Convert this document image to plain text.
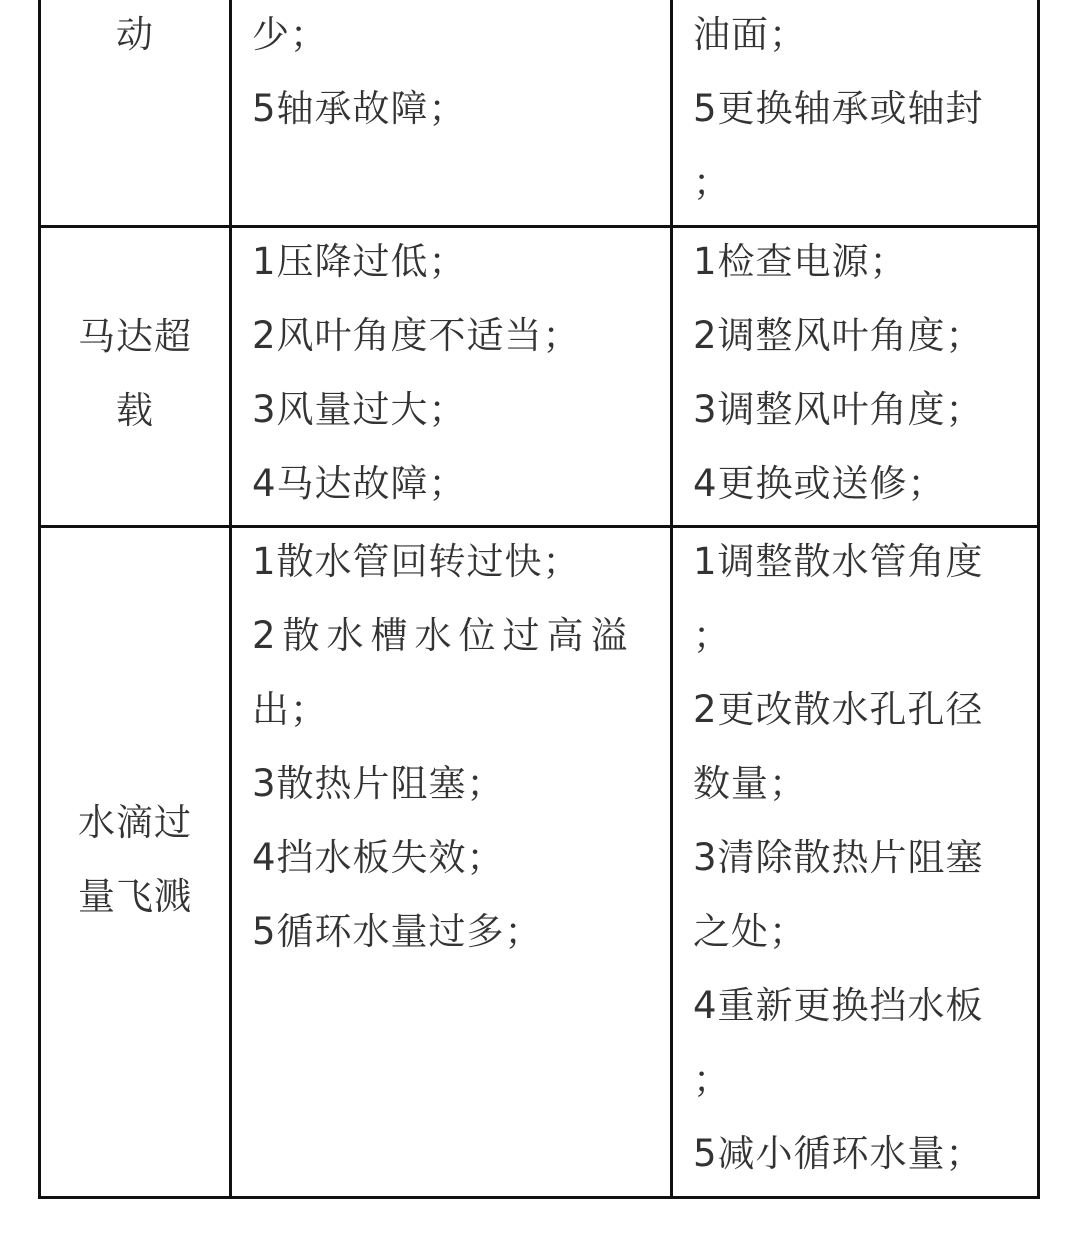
动	少；
5轴承故障；
油面；
5更换轴承或轴封
；
马达超
载
1压降过低；
2风叶角度不适当；
3风量过大；
4马达故障；
1检查电源；
2调整风叶角度；
3调整风叶角度；
4更换或送修；
水滴过
量飞溅
1散水管回转过快；
2散水槽水位过高溢
出；
3散热片阻塞；
4挡水板失效；
5循环水量过多；
1调整散水管角度
；
2更改散水孔孔径
数量；
3清除散热片阻塞
之处；
4重新更换挡水板
；
5减小循环水量；
